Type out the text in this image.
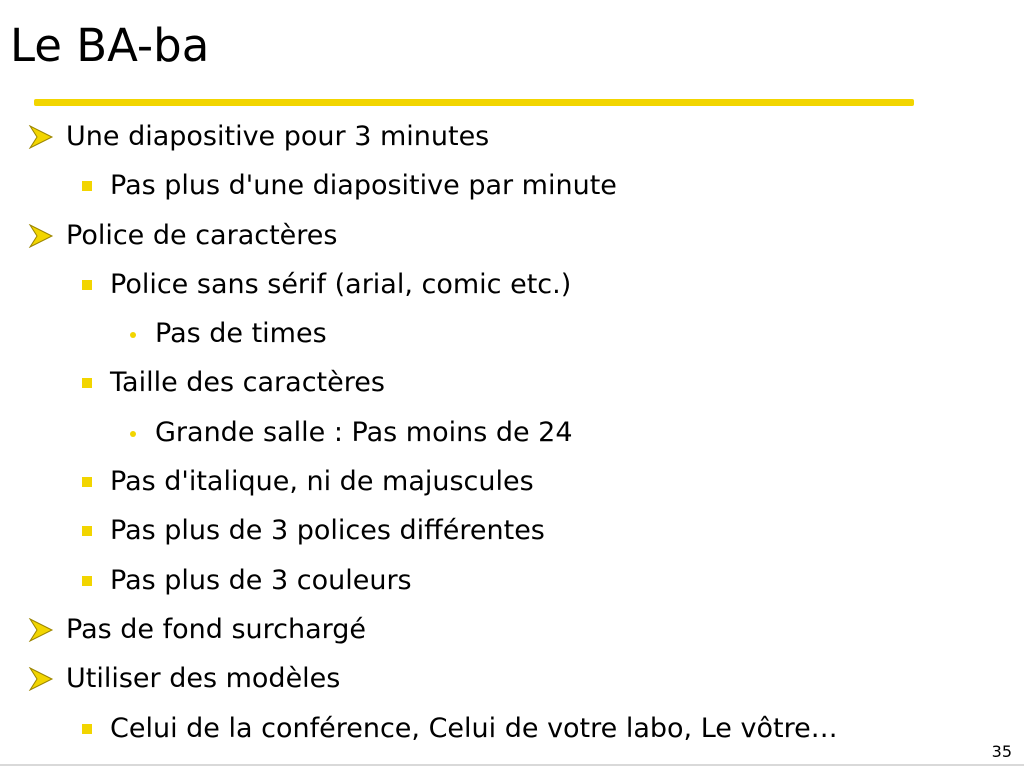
Le BA-ba
Une diapositive pour 3 minutes
Pas plus d'une diapositive par minute
Police de caractères
Police sans sérif (arial, comic etc.)
Pas de times
Taille des caractères
Grande salle : Pas moins de 24
Pas d'italique, ni de majuscules
Pas plus de 3 polices différentes
Pas plus de 3 couleurs
Pas de fond surchargé
Utiliser des modèles
Celui de la conférence, Celui de votre labo, Le vôtre…
35
